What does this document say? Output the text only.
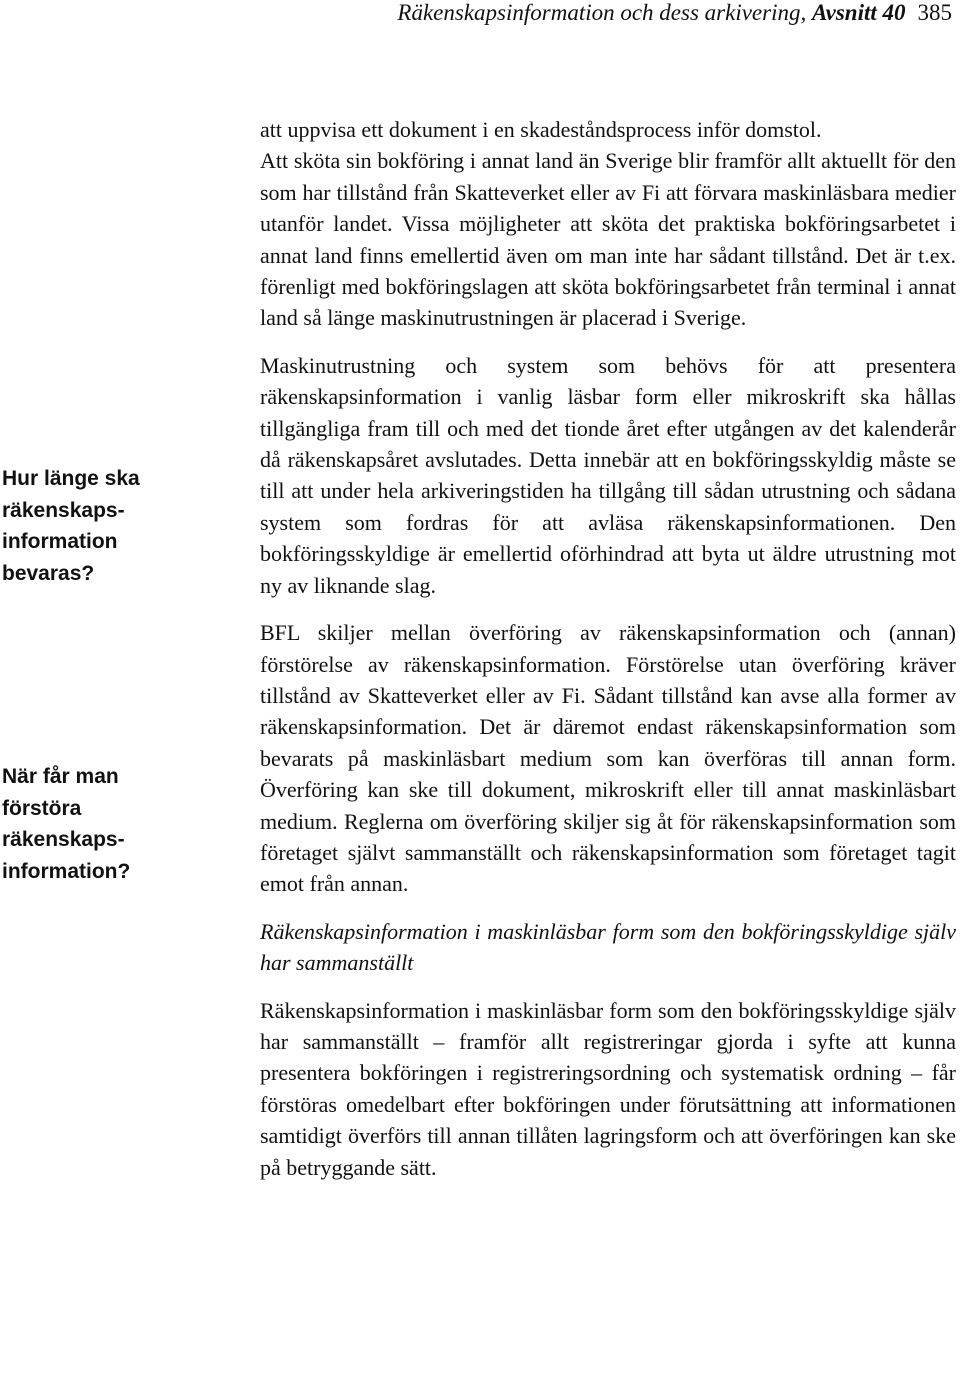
Räkenskapsinformation och dess arkivering, Avsnitt 40 385
Hur länge ska
räkenskaps-
information
bevaras?
När får man
förstöra
räkenskaps-
information?

att uppvisa ett dokument i en skadeståndsprocess inför domstol.

Att sköta sin bokföring i annat land än Sverige blir framför allt aktuellt för den som har tillstånd från Skatteverket eller av Fi att förvara maskinläsbara medier utanför landet. Vissa möjligheter att sköta det praktiska bokföringsarbetet i annat land finns emellertid även om man inte har sådant tillstånd. Det är t.ex. förenligt med bokföringslagen att sköta bokföringsarbetet från terminal i annat land så länge maskinutrustningen är placerad i Sverige.

Maskinutrustning och system som behövs för att presentera räkenskapsinformation i vanlig läsbar form eller mikroskrift ska hållas tillgängliga fram till och med det tionde året efter utgången av det kalenderår då räkenskapsåret avslutades. Detta innebär att en bokföringsskyldig måste se till att under hela arkiveringstiden ha tillgång till sådan utrustning och sådana system som fordras för att avläsa räkenskapsinformationen. Den bokföringsskyldige är emellertid oförhindrad att byta ut äldre utrustning mot ny av liknande slag.

BFL skiljer mellan överföring av räkenskapsinformation och (annan) förstörelse av räkenskapsinformation. Förstörelse utan överföring kräver tillstånd av Skatteverket eller av Fi. Sådant tillstånd kan avse alla former av räkenskapsinformation. Det är däremot endast räkenskapsinformation som bevarats på maskinläsbart medium som kan överföras till annan form. Överföring kan ske till dokument, mikroskrift eller till annat maskinläsbart medium. Reglerna om överföring skiljer sig åt för räkenskapsinformation som företaget självt sammanställt och räkenskapsinformation som företaget tagit emot från annan.

Räkenskapsinformation i maskinläsbar form som den bokföringsskyldige själv har sammanställt

Räkenskapsinformation i maskinläsbar form som den bokföringsskyldige själv har sammanställt – framför allt registreringar gjorda i syfte att kunna presentera bokföringen i registreringsordning och systematisk ordning – får förstöras omedelbart efter bokföringen under förutsättning att informationen samtidigt överförs till annan tillåten lagringsform och att överföringen kan ske på betryggande sätt.
